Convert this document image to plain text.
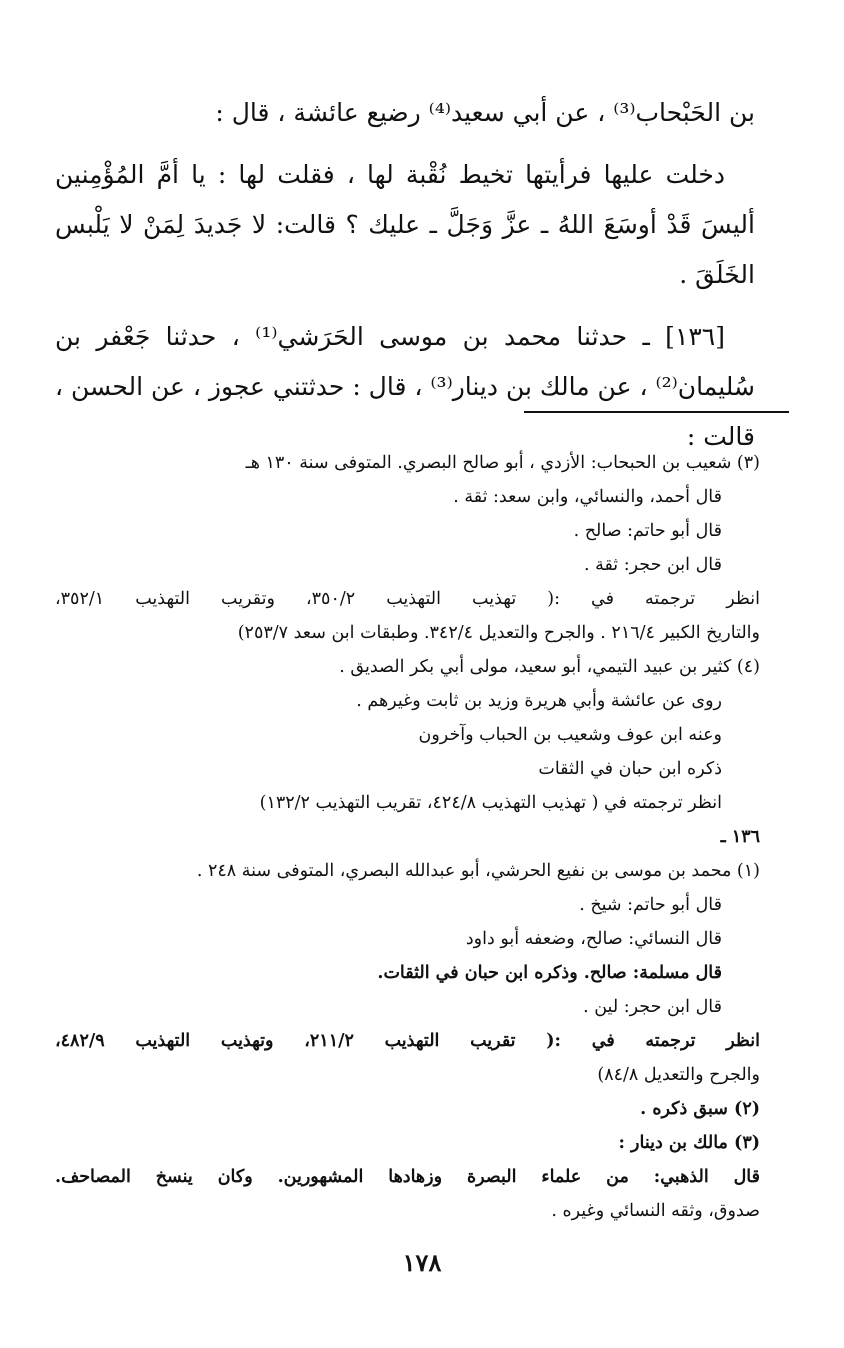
بن الحَبْحاب⁽³⁾ ، عن أبي سعيد⁽⁴⁾ رضيع عائشة ، قال :

دخلت عليها فرأيتها تخيط نُقْبة لها ، فقلت لها : يا أمَّ المُؤْمِنين أليسَ قَدْ أوسَعَ اللهُ ـ عزَّ وَجَلَّ ـ عليك ؟ قالت: لا جَديدَ لِمَنْ لا يَلْبس الخَلَقَ .

[١٣٦] ـ حدثنا محمد بن موسى الحَرَشي⁽¹⁾ ، حدثنا جَعْفر بن سُليمان⁽²⁾ ، عن مالك بن دينار⁽³⁾ ، قال : حدثتني عجوز ، عن الحسن ، قالت :

(٣) شعيب بن الحبحاب: الأزدي ، أبو صالح البصري. المتوفى سنة ١٣٠ هـ
قال أحمد، والنسائي، وابن سعد: ثقة .
قال أبو حاتم: صالح .
قال ابن حجر: ثقة .
انظر ترجمته في :( تهذيب التهذيب ٣٥٠/٢، وتقريب التهذيب ٣٥٢/١،
والتاريخ الكبير ٢١٦/٤ . والجرح والتعديل ٣٤٢/٤. وطبقات ابن سعد ٢٥٣/٧)
(٤) كثير بن عبيد التيمي، أبو سعيد، مولى أبي بكر الصديق .
روى عن عائشة وأبي هريرة وزيد بن ثابت وغيرهم .
وعنه ابن عوف وشعيب بن الحباب وآخرون
ذكره ابن حبان في الثقات
انظر ترجمته في ( تهذيب التهذيب ٤٢٤/٨، تقريب التهذيب ١٣٢/٢)
١٣٦ ـ
(١) محمد بن موسى بن نفيع الحرشي، أبو عبدالله البصري، المتوفى سنة ٢٤٨ .
قال أبو حاتم: شيخ .
قال النسائي: صالح، وضعفه أبو داود
قال مسلمة: صالح. وذكره ابن حبان في الثقات.
قال ابن حجر: لين .
انظر ترجمته في :( تقريب التهذيب ٢١١/٢، وتهذيب التهذيب ٤٨٢/٩،
والجرح والتعديل ٨٤/٨)
(٢) سبق ذكره .
(٣) مالك بن دينار :
قال الذهبي: من علماء البصرة وزهادها المشهورين. وكان ينسخ المصاحف.
صدوق، وثقه النسائي وغيره .
١٧٨
